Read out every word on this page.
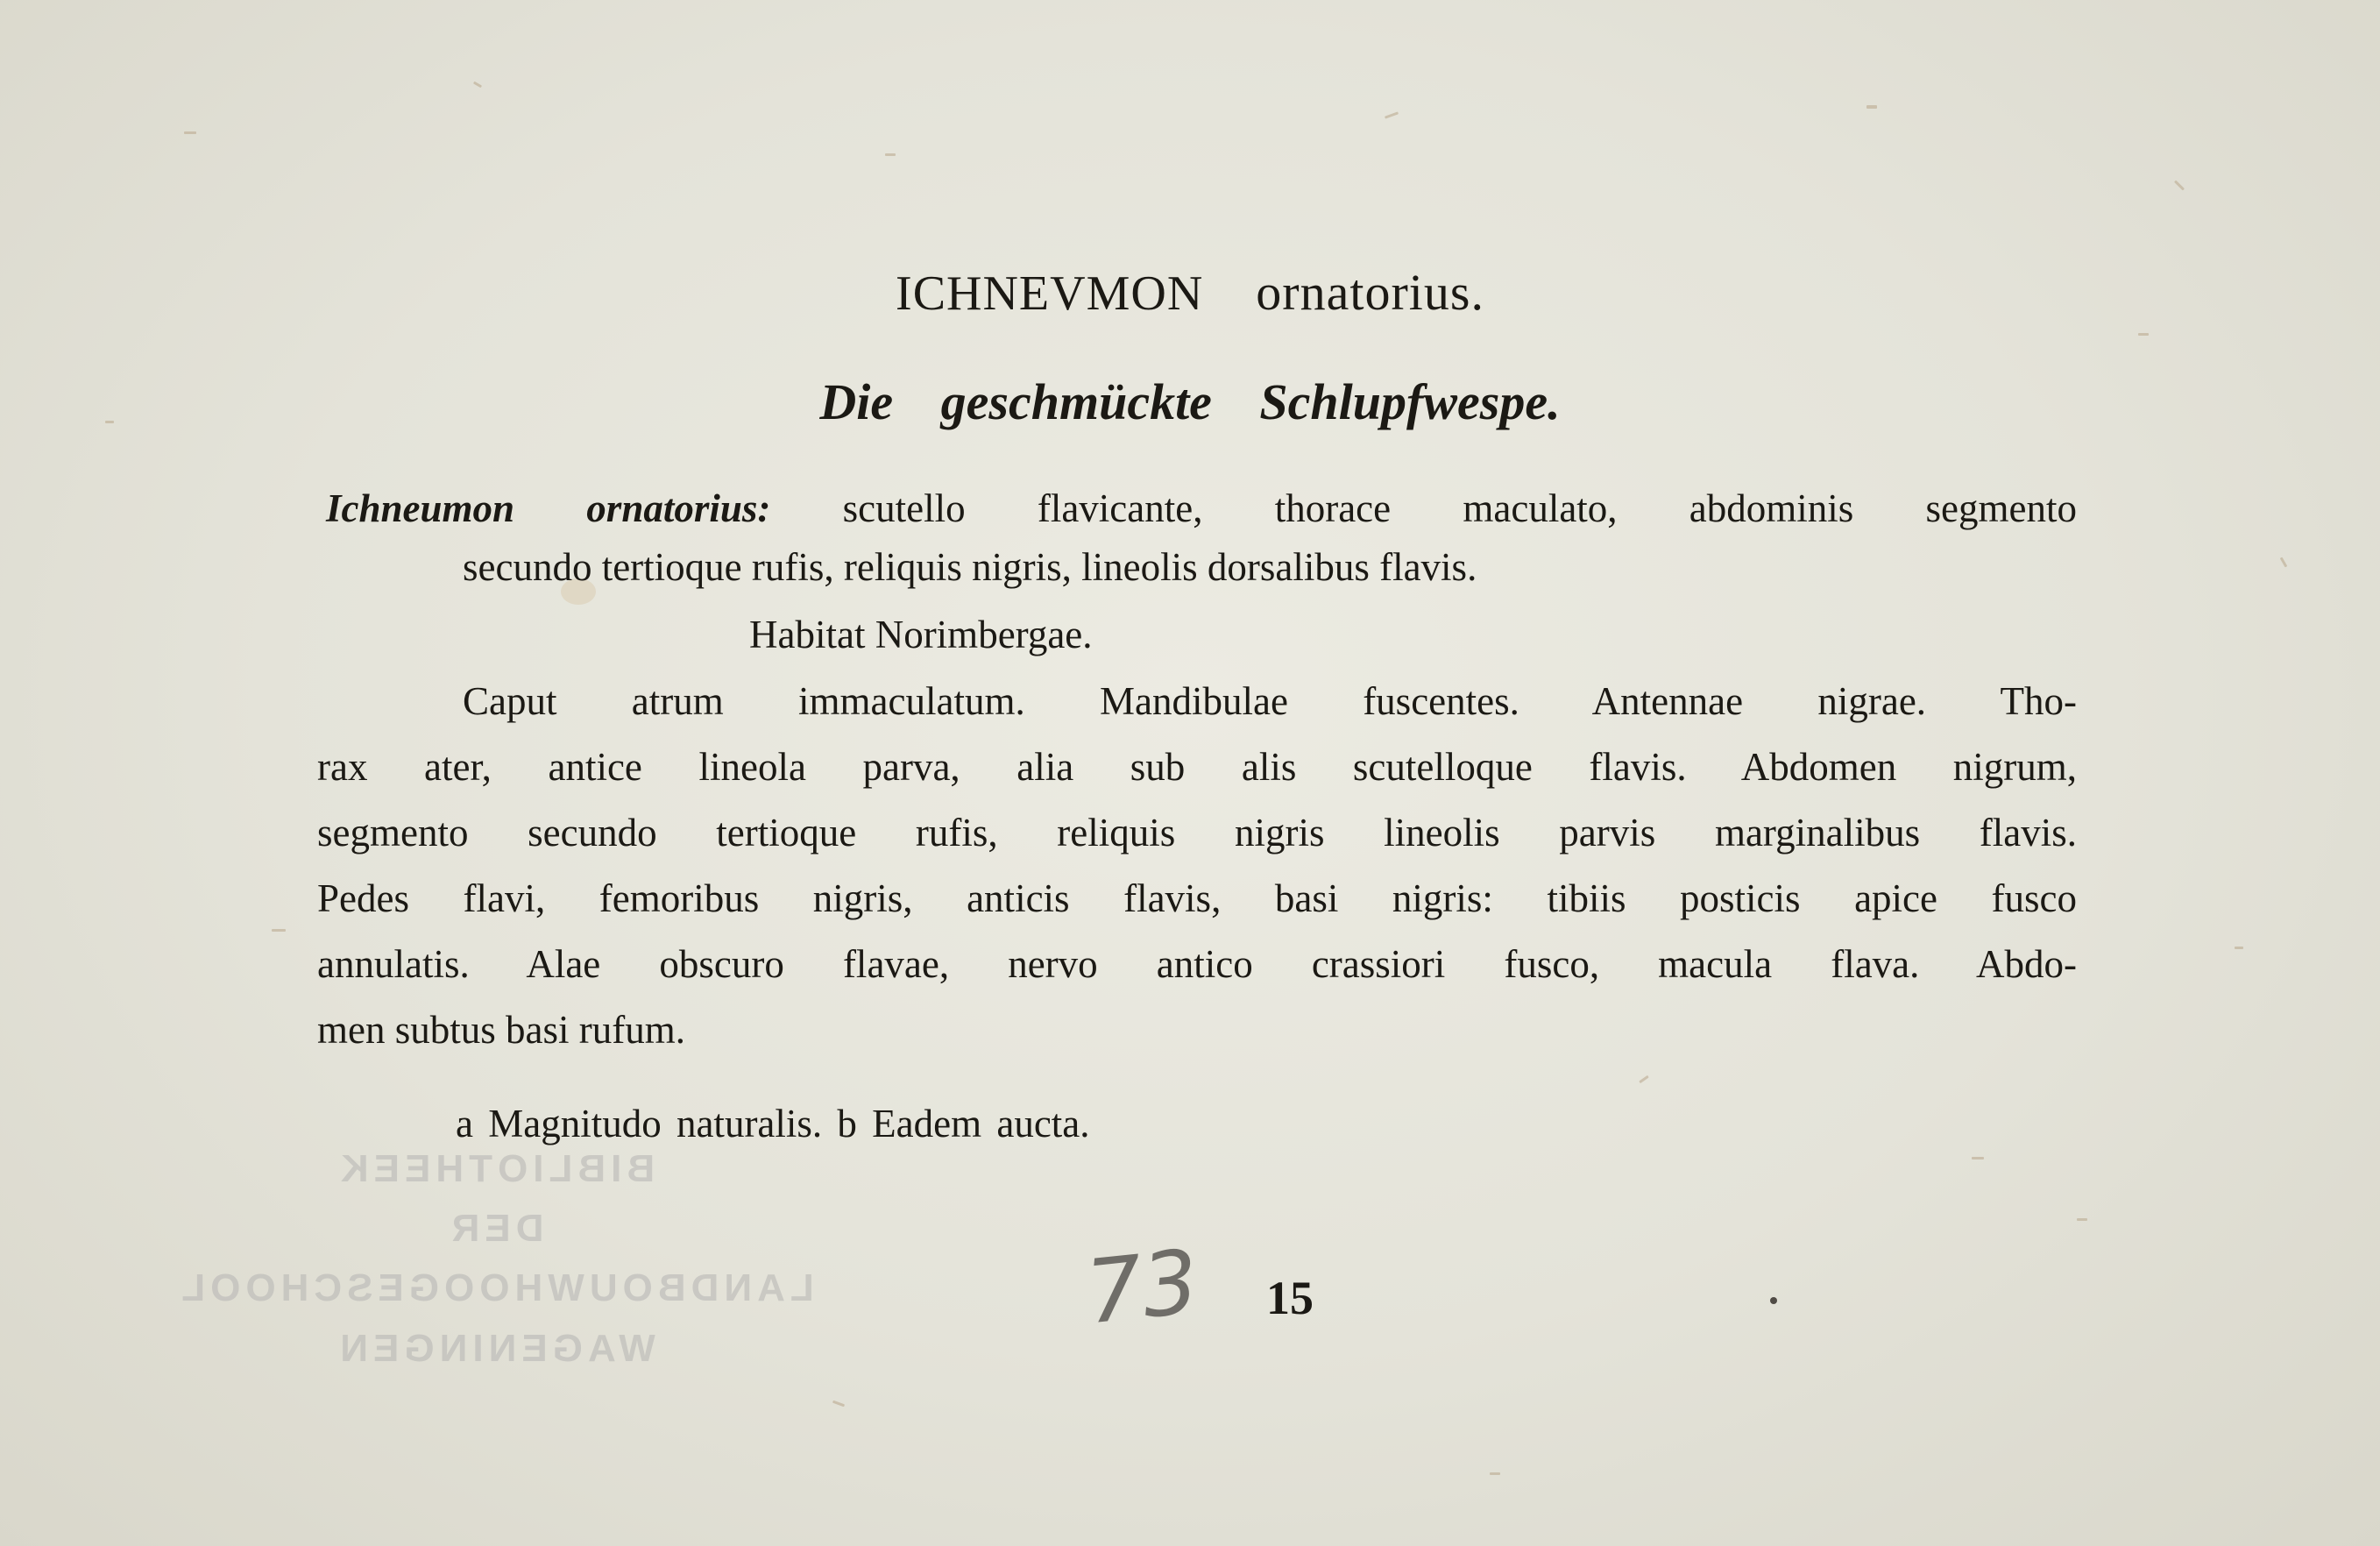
BIBLIOTHEEK
DER
LANDBOUWHOOGESCHOOL
WAGENINGEN
ICHNEVMON ornatorius.
Die geschmückte Schlupfwespe.
Ichneumon ornatorius: scutello flavicante, thorace maculato, abdominis segmento
secundo tertioque rufis, reliquis nigris, lineolis dorsalibus flavis.
Habitat Norimbergae.
Caput atrum immaculatum. Mandibulae fuscentes. Antennae nigrae. Tho-
rax ater, antice lineola parva, alia sub alis scutelloque flavis. Abdomen nigrum,
segmento secundo tertioque rufis, reliquis nigris lineolis parvis marginalibus flavis.
Pedes flavi, femoribus nigris, anticis flavis, basi nigris: tibiis posticis apice fusco
annulatis. Alae obscuro flavae, nervo antico crassiori fusco, macula flava. Abdo-
men subtus basi rufum.
a Magnitudo naturalis. b Eadem aucta.
73 15
